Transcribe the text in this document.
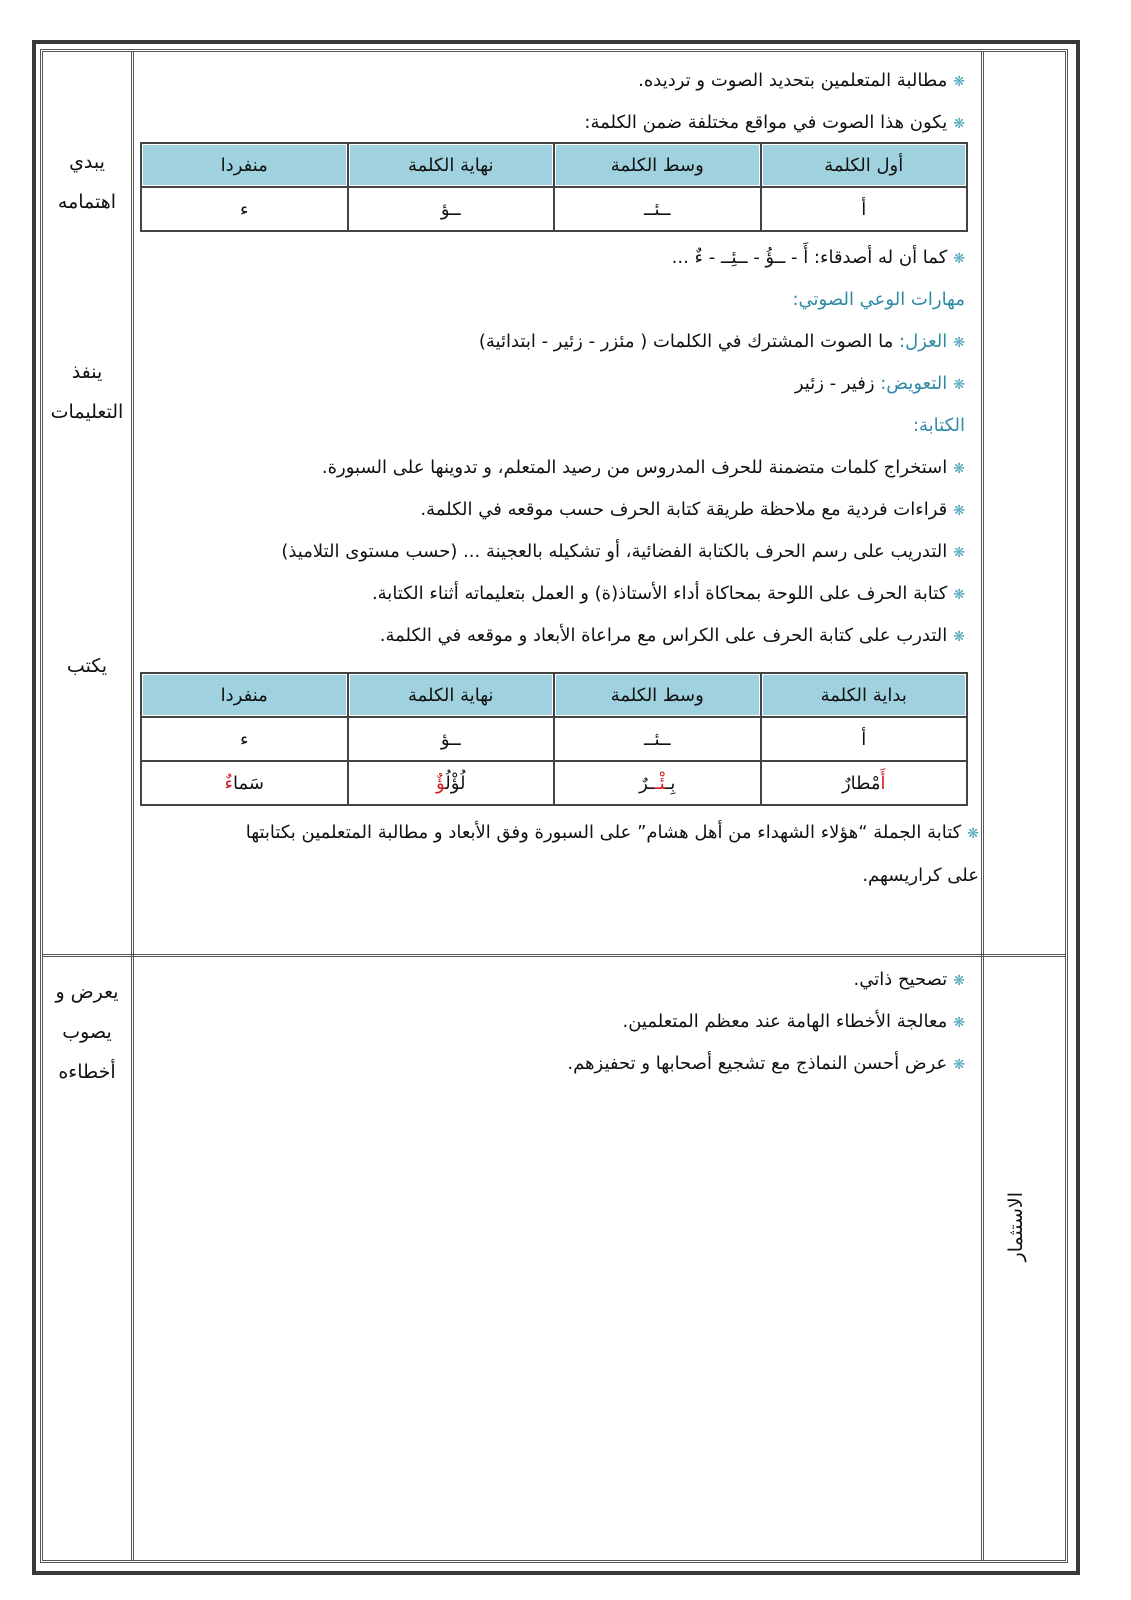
يبدي
اهتمامه
ينفذ
التعليمات
يكتب
يعرض و
يصوب
أخطاءه
الاستثمار
❋مطالبة المتعلمين بتحديد الصوت و ترديده.
❋يكون هذا الصوت في مواقع مختلفة ضمن الكلمة:
أول الكلمة	وسط الكلمة	نهاية الكلمة	منفردا
أ	ــئــ	ــؤ	ء
❋كما أن له أصدقاء: أَ - ــؤُ - ــئِــ - ءٌ ...
مهارات الوعي الصوتي:
❋العزل: ما الصوت المشترك في الكلمات ( مئزر - زئير - ابتدائية)
❋التعويض: زفير - زئير
الكتابة:
❋استخراج كلمات متضمنة للحرف المدروس من رصيد المتعلم، و تدوينها على السبورة.
❋قراءات فردية مع ملاحظة طريقة كتابة الحرف حسب موقعه في الكلمة.
❋التدريب على رسم الحرف بالكتابة الفضائية، أو تشكيله بالعجينة ... (حسب مستوى التلاميذ)
❋كتابة الحرف على اللوحة بمحاكاة أداء الأستاذ(ة) و العمل بتعليماته أثناء الكتابة.
❋التدرب على كتابة الحرف على الكراس مع مراعاة الأبعاد و موقعه في الكلمة.
بداية الكلمة	وسط الكلمة	نهاية الكلمة	منفردا
أ	ــئــ	ــؤ	ء
أَمْطارٌ	بِـئْــرٌ	لُؤْلُؤٌ	سَماءٌ
❋كتابة الجملة “هؤلاء الشهداء من أهل هشام” على السبورة وفق الأبعاد و مطالبة المتعلمين بكتابتها
على كراريسهم.
❋تصحيح ذاتي.
❋معالجة الأخطاء الهامة عند معظم المتعلمين.
❋عرض أحسن النماذج مع تشجيع أصحابها و تحفيزهم.
